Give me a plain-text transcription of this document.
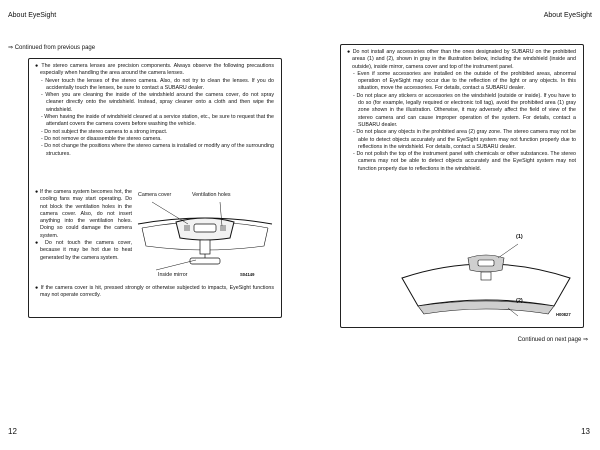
About EyeSight	About EyeSight
⇒ Continued from previous page

● The stereo camera lenses are precision components. Always observe the following precautions especially when handling the area around the camera lenses.

- Never touch the lenses of the stereo camera. Also, do not try to clean the lenses. If you do accidentally touch the lenses, be sure to contact a SUBARU dealer.

- When you are cleaning the inside of the windshield around the camera cover, do not spray cleaner directly onto the windshield. Instead, spray cleaner onto a cloth and then wipe the windshield.

- When having the inside of windshield cleaned at a service station, etc., be sure to request that the attendant covers the camera covers before washing the vehicle.

- Do not subject the stereo camera to a strong impact.

- Do not remove or disassemble the stereo camera.

- Do not change the positions where the stereo camera is installed or modify any of the surrounding structures.

● If the camera system becomes hot, the cooling fans may start operating. Do not block the ventilation holes in the camera cover. Also, do not insert anything into the ventilation holes. Doing so could damage the camera system.

● Do not touch the camera cover, because it may be hot due to heat generated by the camera system.

● If the camera cover is hit, pressed strongly or otherwise subjected to impacts, EyeSight functions may not operate correctly.

Camera cover	Ventilation holes
Inside mirror	S04149

● Do not install any accessories other than the ones designated by SUBARU on the prohibited areas (1) and (2), shown in gray in the illustration below, including the windshield (inside and outside), inside mirror, camera cover and top of the instrument panel.

- Even if some accessories are installed on the outside of the prohibited areas, abnormal operation of EyeSight may occur due to the reflection of the light or any objects. In this situation, move the accessories. For details, contact a SUBARU dealer.

- Do not place any stickers or accessories on the windshield (outside or inside). If you have to do so (for example, legally required or electronic toll tag), avoid the prohibited area (1) gray zone shown in the illustration. Otherwise, it may adversely affect the field of view of the stereo camera and can cause improper operation of the system. For details, contact a SUBARU dealer.

- Do not place any objects in the prohibited area (2) gray zone. The stereo camera may not be able to detect objects accurately and the EyeSight system may not function properly due to reflections in the windshield. For details, contact a SUBARU dealer.

- Do not polish the top of the instrument panel with chemicals or other substances. The stereo camera may not be able to detect objects accurately and the EyeSight system may not function properly due to reflections in the windshield.

(1)
(2)
H00827
Continued on next page ⇒
12	13
